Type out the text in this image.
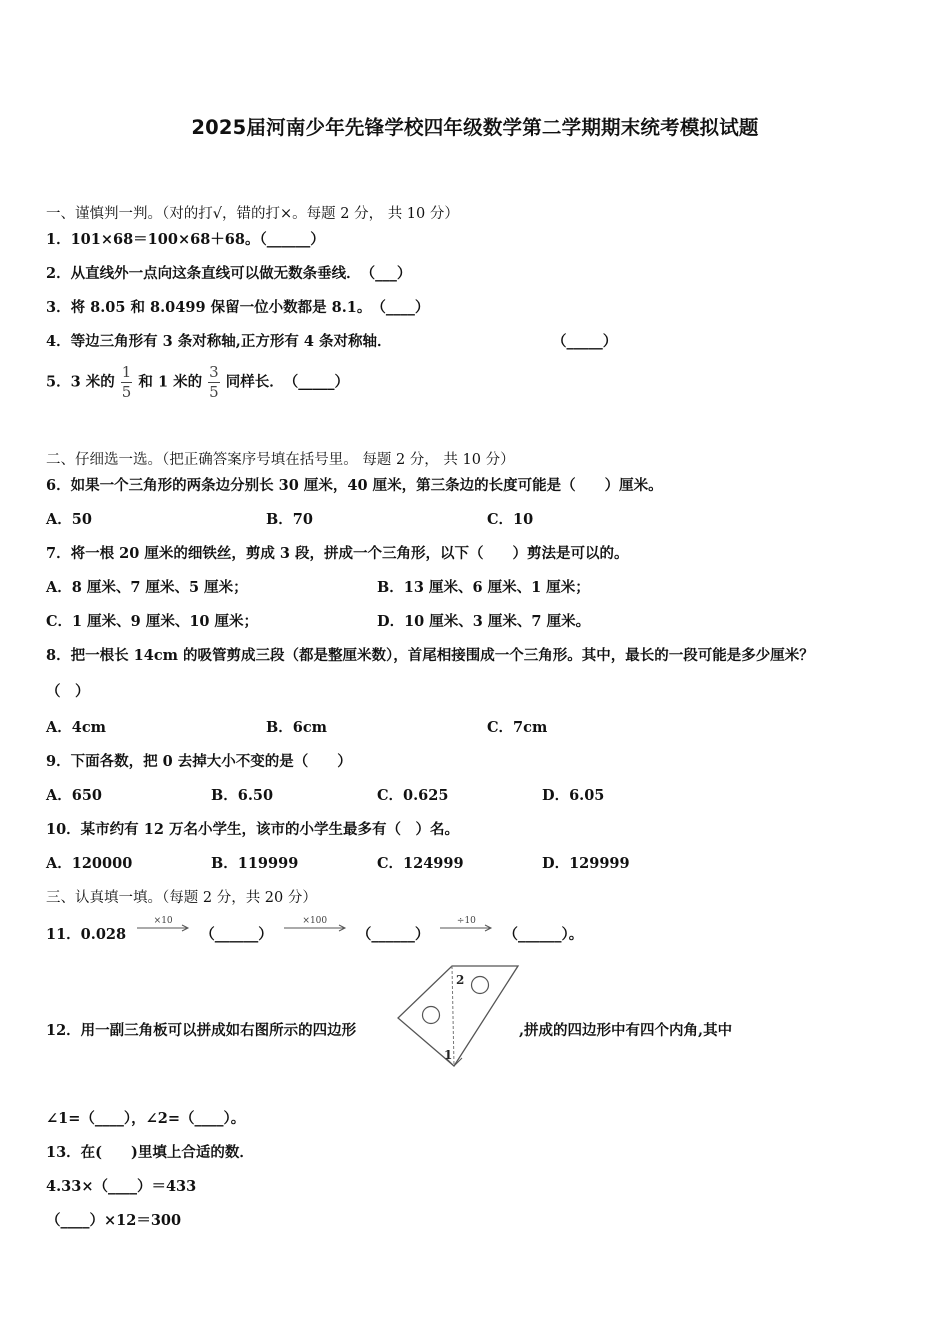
2025届河南少年先锋学校四年级数学第二学期期末统考模拟试题
一、谨慎判一判。（对的打√，错的打×。每题 2 分， 共 10 分）
1．101×68＝100×68＋68。（______）
2．从直线外一点向这条直线可以做无数条垂线．　（___）
3．将 8.05 和 8.0499 保留一位小数都是 8.1。　（____）
4．等边三角形有 3 条对称轴,正方形有 4 条对称轴．	（_____）
5．3 米的 $\frac{1}{5}$ 和 1 米的 $\frac{3}{5}$ 同样长．　（_____）
二、仔细选一选。（把正确答案序号填在括号里。 每题 2 分， 共 10 分）
6．如果一个三角形的两条边分别长 30 厘米，40 厘米，第三条边的长度可能是（　　）厘米。
A．50	B．70	C．10
7．将一根 20 厘米的细铁丝，剪成 3 段，拼成一个三角形，以下（　　）剪法是可以的。
A．8 厘米、7 厘米、5 厘米；	B．13 厘米、6 厘米、1 厘米；
C．1 厘米、9 厘米、10 厘米；	D．10 厘米、3 厘米、7 厘米。
8．把一根长 14cm 的吸管剪成三段（都是整厘米数），首尾相接围成一个三角形。其中，最长的一段可能是多少厘米？
（　）
A．4cm	B．6cm	C．7cm
9．下面各数，把 0 去掉大小不变的是（　　）
A．650	B．6.50	C．0.625	D．6.05
10．某市约有 12 万名小学生，该市的小学生最多有（　）名。
A．120000	B．119999	C．124999	D．129999
三、认真填一填。（每题 2 分，共 20 分）
11．0.028
×10
（______）
×100
（______）
÷10
（______）。
12．用一副三角板可以拼成如右图所示的四边形	,拼成的四边形中有四个内角,其中
2
1
∠1=（____），∠2=（____）。
13．在(　　)里填上合适的数．
4.33×（____）＝433
（____）×12＝300
